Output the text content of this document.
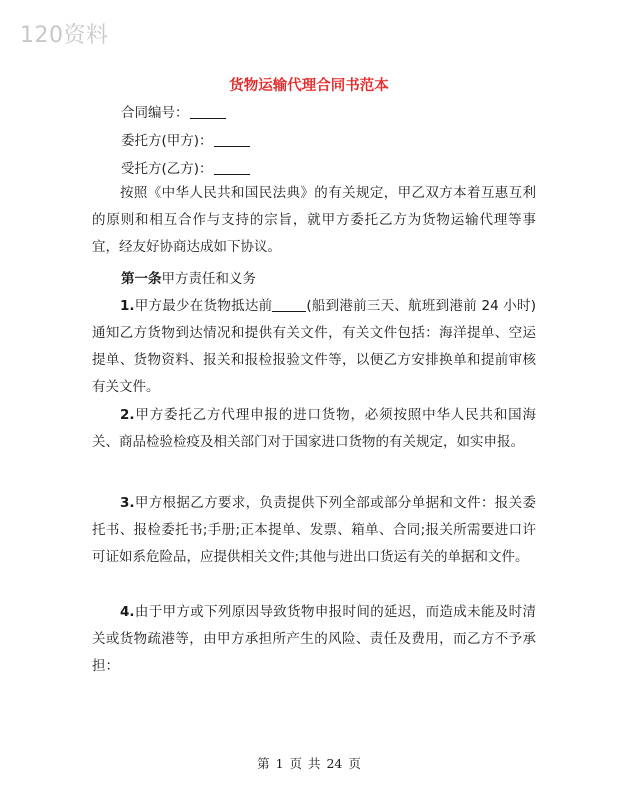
120资料
货物运输代理合同书范本
合同编号：
委托方(甲方)：
受托方(乙方)：
按照《中华人民共和国民法典》的有关规定，甲乙双方本着互惠互利的原则和相互合作与支持的宗旨，就甲方委托乙方为货物运输代理等事宜，经友好协商达成如下协议。
第一条甲方责任和义务
1.甲方最少在货物抵达前	(船到港前三天、航班到港前 24 小时)通知乙方货物到达情况和提供有关文件，有关文件包括：海洋提单、空运提单、货物资料、报关和报检报验文件等，以便乙方安排换单和提前审核有关文件。
2.甲方委托乙方代理申报的进口货物，必须按照中华人民共和国海关、商品检验检疫及相关部门对于国家进口货物的有关规定，如实申报。
3.甲方根据乙方要求，负责提供下列全部或部分单据和文件：报关委托书、报检委托书;手册;正本提单、发票、箱单、合同;报关所需要进口许可证如系危险品，应提供相关文件;其他与进出口货运有关的单据和文件。
4.由于甲方或下列原因导致货物申报时间的延迟，而造成未能及时清关或货物疏港等，由甲方承担所产生的风险、责任及费用，而乙方不予承担：
第 1 页 共 24 页
